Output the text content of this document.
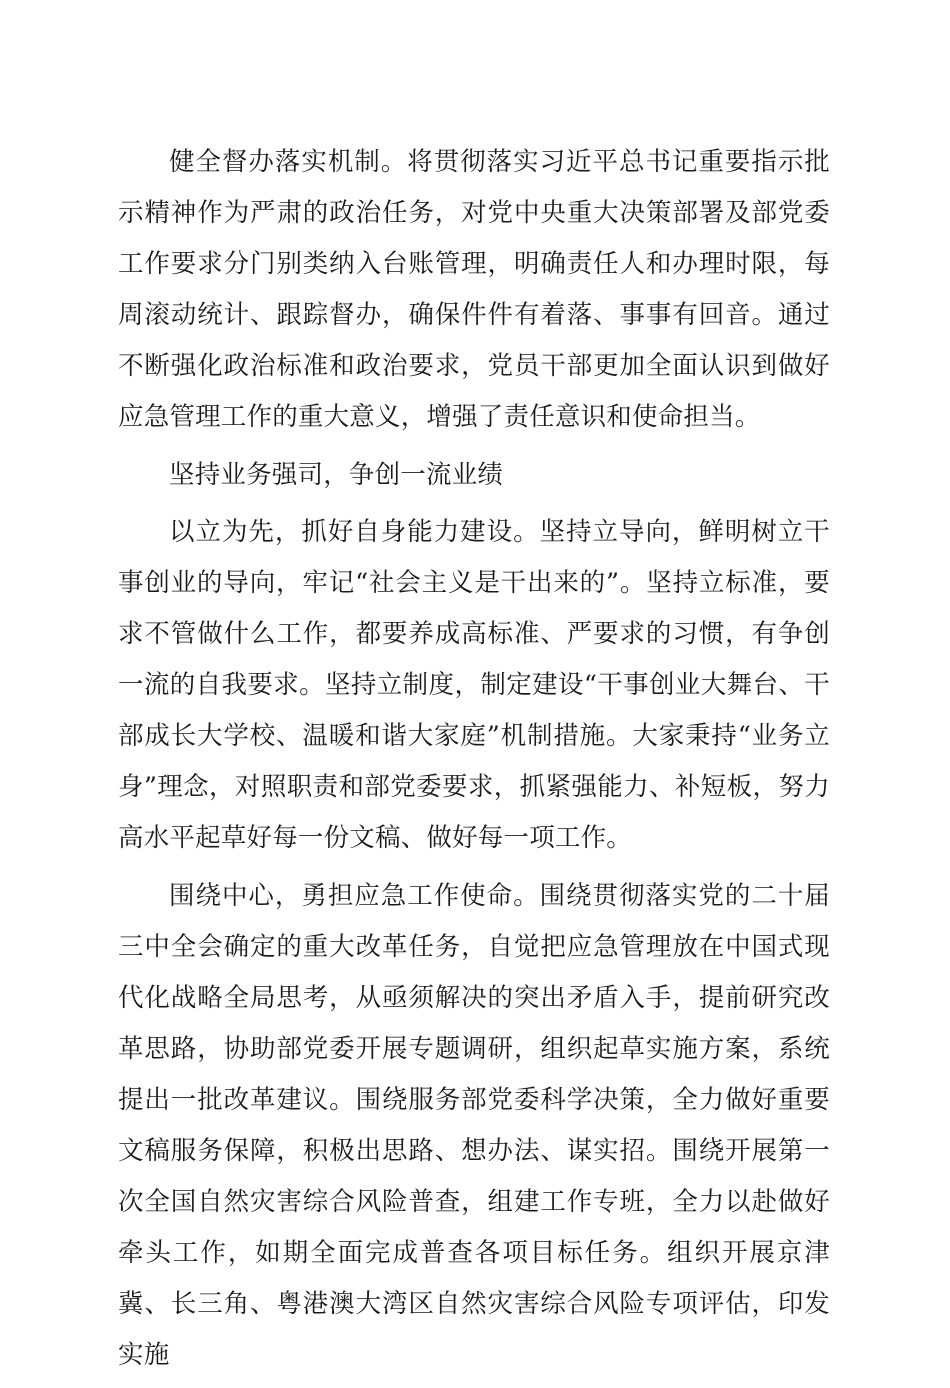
健全督办落实机制。将贯彻落实习近平总书记重要指示批示精神作为严肃的政治任务，对党中央重大决策部署及部党委工作要求分门别类纳入台账管理，明确责任人和办理时限，每周滚动统计、跟踪督办，确保件件有着落、事事有回音。通过不断强化政治标准和政治要求，党员干部更加全面认识到做好应急管理工作的重大意义，增强了责任意识和使命担当。

坚持业务强司，争创一流业绩

以立为先，抓好自身能力建设。坚持立导向，鲜明树立干事创业的导向，牢记“社会主义是干出来的”。坚持立标准，要求不管做什么工作，都要养成高标准、严要求的习惯，有争创一流的自我要求。坚持立制度，制定建设“干事创业大舞台、干部成长大学校、温暖和谐大家庭”机制措施。大家秉持“业务立身”理念，对照职责和部党委要求，抓紧强能力、补短板，努力高水平起草好每一份文稿、做好每一项工作。

围绕中心，勇担应急工作使命。围绕贯彻落实党的二十届三中全会确定的重大改革任务，自觉把应急管理放在中国式现代化战略全局思考，从亟须解决的突出矛盾入手，提前研究改革思路，协助部党委开展专题调研，组织起草实施方案，系统提出一批改革建议。围绕服务部党委科学决策，全力做好重要文稿服务保障，积极出思路、想办法、谋实招。围绕开展第一次全国自然灾害综合风险普查，组建工作专班，全力以赴做好牵头工作，如期全面完成普查各项目标任务。组织开展京津冀、长三角、粤港澳大湾区自然灾害综合风险专项评估，印发实施
